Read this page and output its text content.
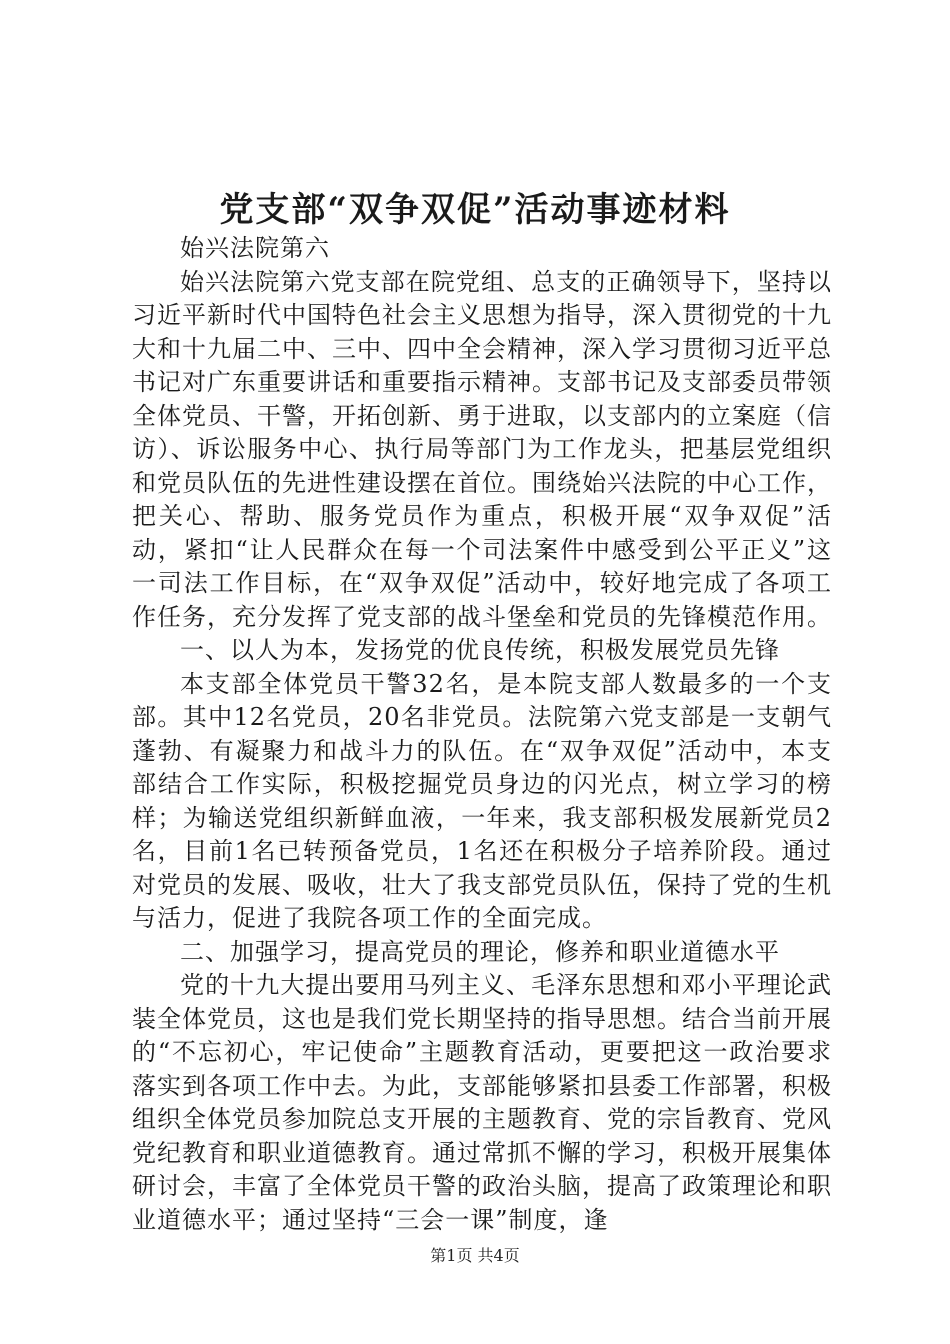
党支部“双争双促”活动事迹材料

始兴法院第六

始兴法院第六党支部在院党组、总支的正确领导下，坚持以习近平新时代中国特色社会主义思想为指导，深入贯彻党的十九大和十九届二中、三中、四中全会精神，深入学习贯彻习近平总书记对广东重要讲话和重要指示精神。支部书记及支部委员带领全体党员、干警，开拓创新、勇于进取，以支部内的立案庭（信访）、诉讼服务中心、执行局等部门为工作龙头，把基层党组织和党员队伍的先进性建设摆在首位。围绕始兴法院的中心工作，把关心、帮助、服务党员作为重点，积极开展“双争双促”活动，紧扣“让人民群众在每一个司法案件中感受到公平正义”这一司法工作目标，在“双争双促”活动中，较好地完成了各项工作任务，充分发挥了党支部的战斗堡垒和党员的先锋模范作用。

一、以人为本，发扬党的优良传统，积极发展党员先锋

本支部全体党员干警32名，是本院支部人数最多的一个支部。其中12名党员，20名非党员。法院第六党支部是一支朝气蓬勃、有凝聚力和战斗力的队伍。在“双争双促”活动中，本支部结合工作实际，积极挖掘党员身边的闪光点，树立学习的榜样；为输送党组织新鲜血液，一年来，我支部积极发展新党员2名，目前1名已转预备党员，1名还在积极分子培养阶段。通过对党员的发展、吸收，壮大了我支部党员队伍，保持了党的生机与活力，促进了我院各项工作的全面完成。

二、加强学习，提高党员的理论，修养和职业道德水平

党的十九大提出要用马列主义、毛泽东思想和邓小平理论武装全体党员，这也是我们党长期坚持的指导思想。结合当前开展的“不忘初心，牢记使命”主题教育活动，更要把这一政治要求落实到各项工作中去。为此，支部能够紧扣县委工作部署，积极组织全体党员参加院总支开展的主题教育、党的宗旨教育、党风党纪教育和职业道德教育。通过常抓不懈的学习，积极开展集体研讨会，丰富了全体党员干警的政治头脑，提高了政策理论和职业道德水平；通过坚持“三会一课”制度，逢

第1页 共4页
